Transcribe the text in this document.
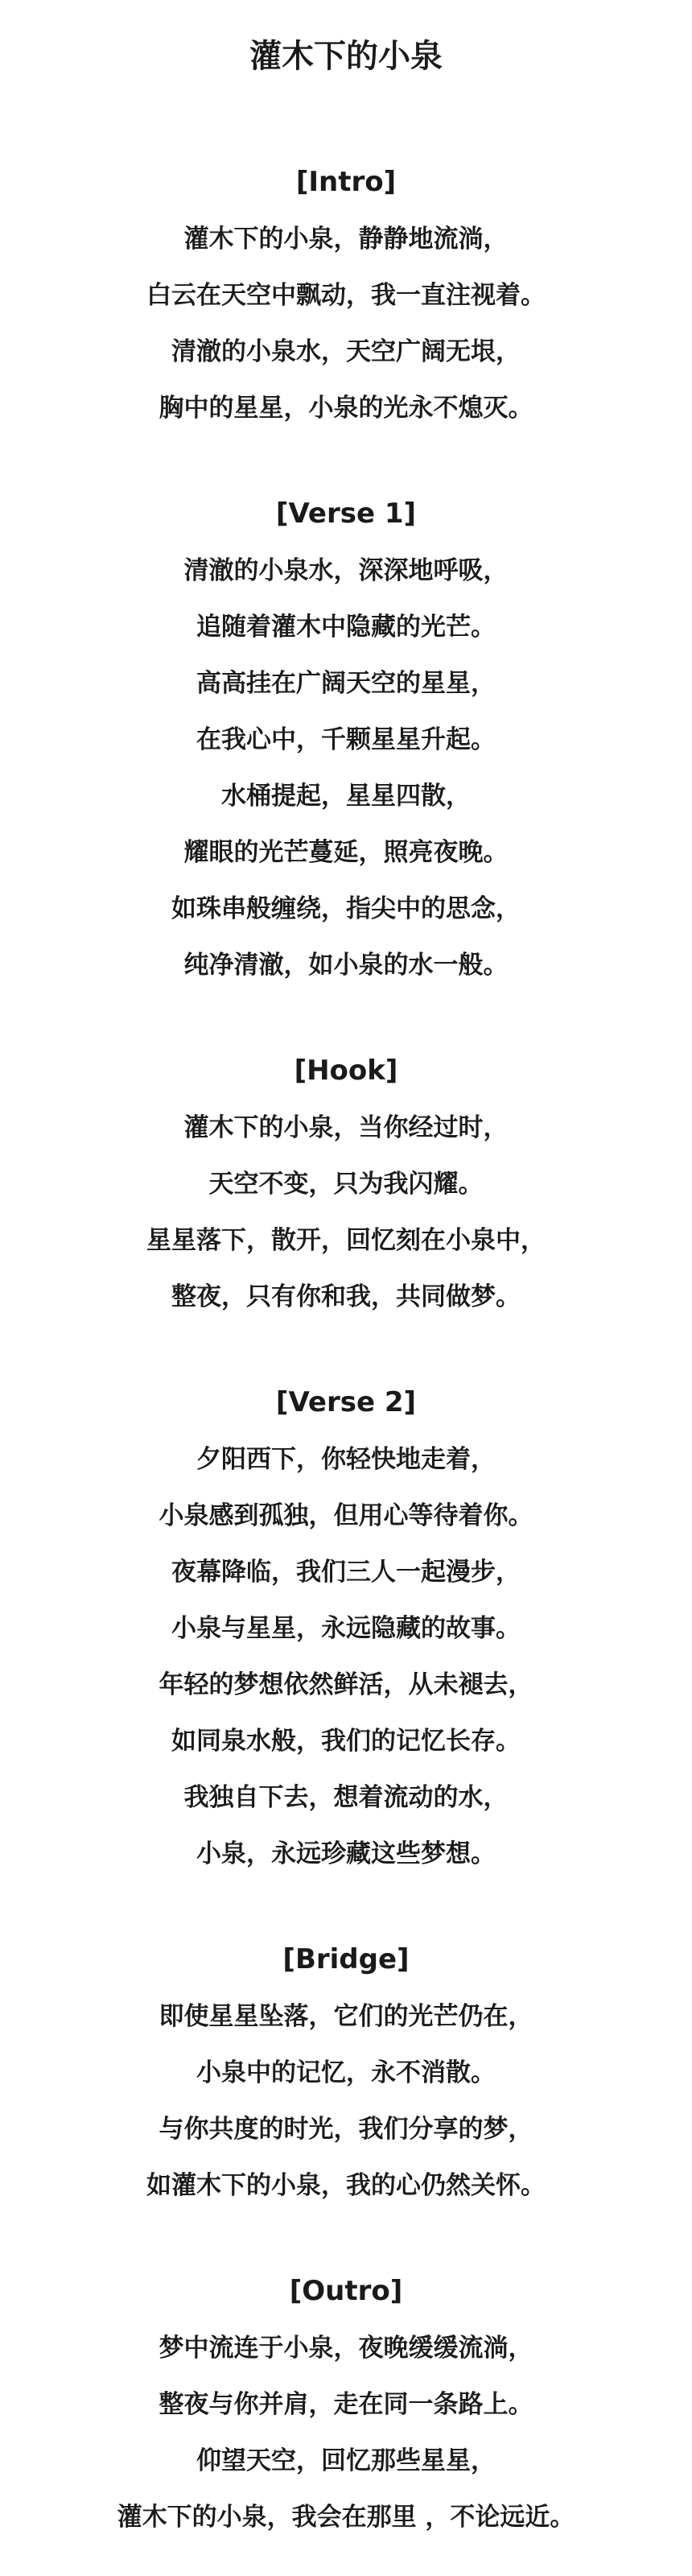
灌木下的小泉
[Intro]
灌木下的小泉，静静地流淌，
白云在天空中飘动，我一直注视着。
清澈的小泉水，天空广阔无垠，
胸中的星星，小泉的光永不熄灭。
[Verse 1]
清澈的小泉水，深深地呼吸，
追随着灌木中隐藏的光芒。
高高挂在广阔天空的星星，
在我心中，千颗星星升起。
水桶提起，星星四散，
耀眼的光芒蔓延，照亮夜晚。
如珠串般缠绕，指尖中的思念，
纯净清澈，如小泉的水一般。
[Hook]
灌木下的小泉，当你经过时，
天空不变，只为我闪耀。
星星落下，散开，回忆刻在小泉中，
整夜，只有你和我，共同做梦。
[Verse 2]
夕阳西下，你轻快地走着，
小泉感到孤独，但用心等待着你。
夜幕降临，我们三人一起漫步，
小泉与星星，永远隐藏的故事。
年轻的梦想依然鲜活，从未褪去，
如同泉水般，我们的记忆长存。
我独自下去，想着流动的水，
小泉，永远珍藏这些梦想。
[Bridge]
即使星星坠落，它们的光芒仍在，
小泉中的记忆，永不消散。
与你共度的时光，我们分享的梦，
如灌木下的小泉，我的心仍然关怀。
[Outro]
梦中流连于小泉，夜晚缓缓流淌，
整夜与你并肩，走在同一条路上。
仰望天空，回忆那些星星，
灌木下的小泉，我会在那里 ，不论远近。
